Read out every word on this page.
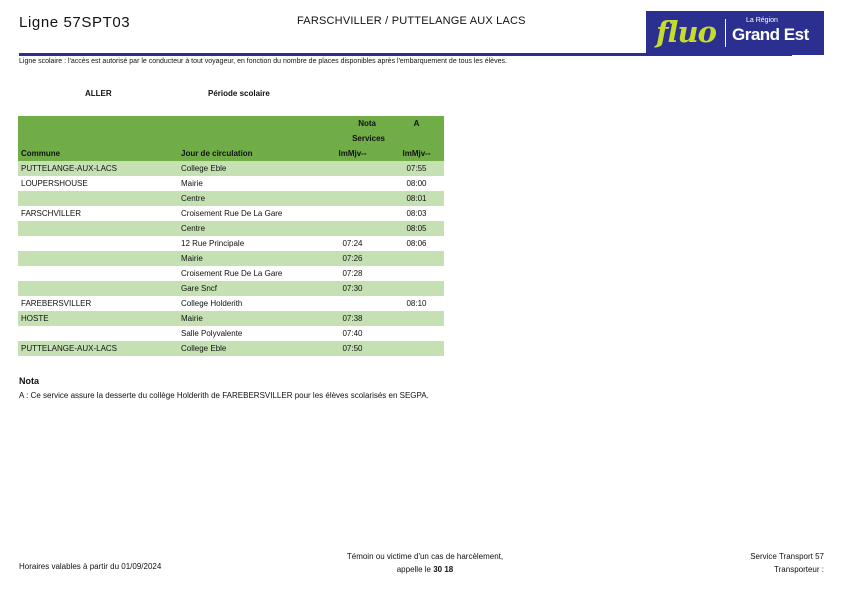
Ligne 57SPT03	FARSCHVILLER / PUTTELANGE AUX LACS	fluo	La Région
Grand Est
Ligne scolaire : l'accès est autorisé par le conducteur à tout voyageur, en fonction du nombre de places disponibles après l'embarquement de tous les élèves.
ALLER	Période scolaire
		Nota	A
		Services	
Commune	Jour de circulation	lmMjv--	lmMjv--
PUTTELANGE-AUX-LACS	College Eble		07:55
LOUPERSHOUSE	Mairie		08:00
	Centre		08:01
FARSCHVILLER	Croisement Rue De La Gare		08:03
	Centre		08:05
	12 Rue Principale	07:24	08:06
	Mairie	07:26	
	Croisement Rue De La Gare	07:28	
	Gare Sncf	07:30	
FAREBERSVILLER	College Holderith		08:10
HOSTE	Mairie	07:38	
	Salle Polyvalente	07:40	
PUTTELANGE-AUX-LACS	College Eble	07:50	
Nota
A : Ce service assure la desserte du collège Holderith de FAREBERSVILLER pour les élèves scolarisés en SEGPA.
Horaires valables à partir du 01/09/2024
Témoin ou victime d'un cas de harcèlement,
appelle le 30 18
Service Transport 57
Transporteur :
